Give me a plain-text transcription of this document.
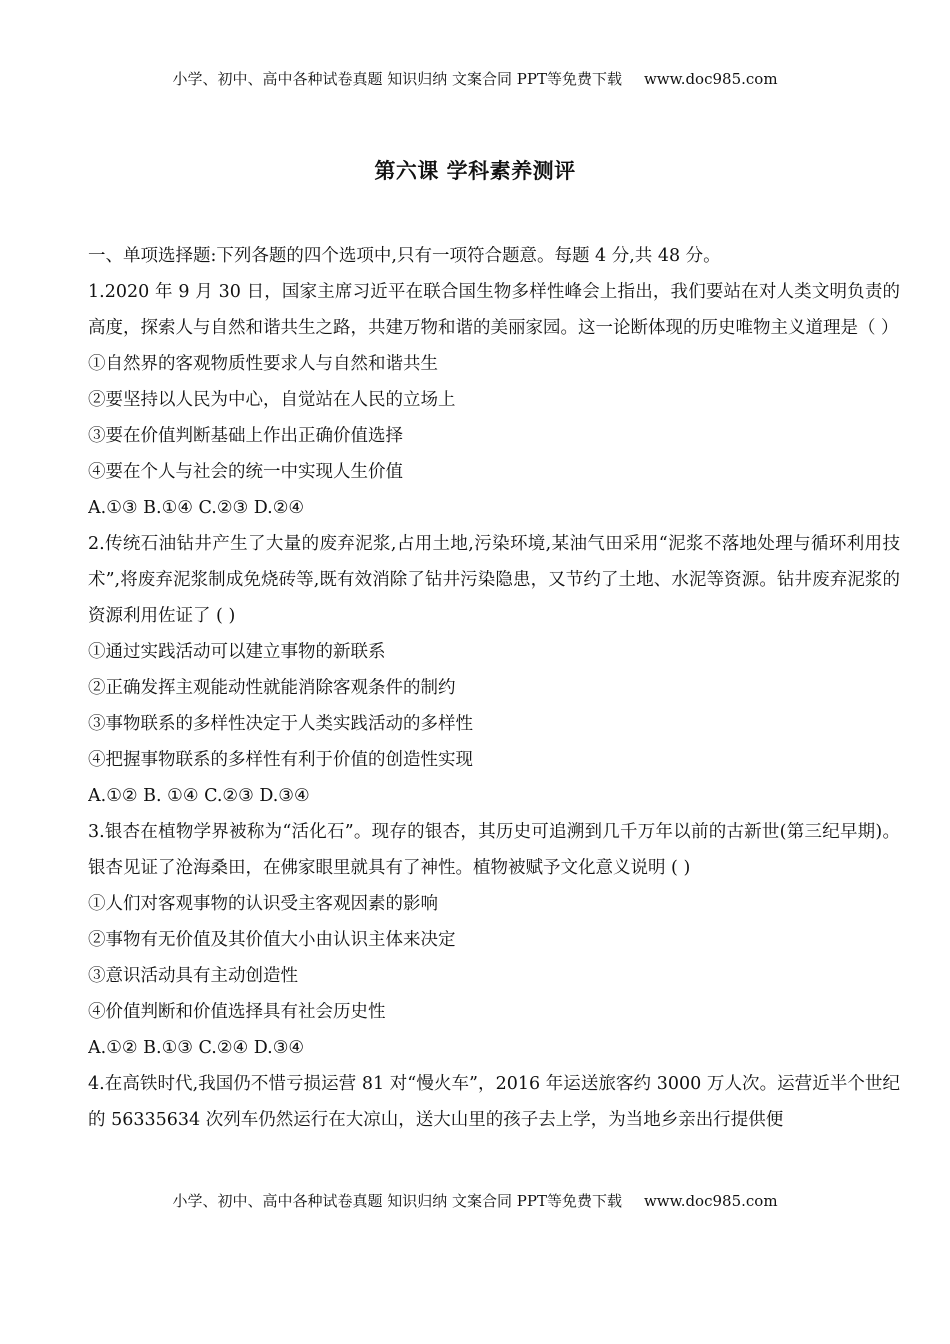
小学、初中、高中各种试卷真题 知识归纳 文案合同 PPT等免费下载 www.doc985.com
第六课 学科素养测评
一、单项选择题:下列各题的四个选项中,只有一项符合题意。每题 4 分,共 48 分。
1.2020 年 9 月 30 日，国家主席习近平在联合国生物多样性峰会上指出，我们要站在对人类文明负责的高度，探索人与自然和谐共生之路，共建万物和谐的美丽家园。这一论断体现的历史唯物主义道理是（ ）
①自然界的客观物质性要求人与自然和谐共生
②要坚持以人民为中心，自觉站在人民的立场上
③要在价值判断基础上作出正确价值选择
④要在个人与社会的统一中实现人生价值
A.①③ B.①④ C.②③ D.②④
2.传统石油钻井产生了大量的废弃泥浆,占用土地,污染环境,某油气田采用“泥浆不落地处理与循环利用技术”,将废弃泥浆制成免烧砖等,既有效消除了钻井污染隐患，又节约了土地、水泥等资源。钻井废弃泥浆的资源利用佐证了 ( )
①通过实践活动可以建立事物的新联系
②正确发挥主观能动性就能消除客观条件的制约
③事物联系的多样性决定于人类实践活动的多样性
④把握事物联系的多样性有利于价值的创造性实现
A.①② B. ①④ C.②③ D.③④
3.银杏在植物学界被称为“活化石”。现存的银杏，其历史可追溯到几千万年以前的古新世(第三纪早期)。银杏见证了沧海桑田，在佛家眼里就具有了神性。植物被赋予文化意义说明 ( )
①人们对客观事物的认识受主客观因素的影响
②事物有无价值及其价值大小由认识主体来决定
③意识活动具有主动创造性
④价值判断和价值选择具有社会历史性
A.①② B.①③ C.②④ D.③④
4.在高铁时代,我国仍不惜亏损运营 81 对“慢火车”，2016 年运送旅客约 3000 万人次。运营近半个世纪的 56335634 次列车仍然运行在大凉山，送大山里的孩子去上学，为当地乡亲出行提供便
小学、初中、高中各种试卷真题 知识归纳 文案合同 PPT等免费下载 www.doc985.com
